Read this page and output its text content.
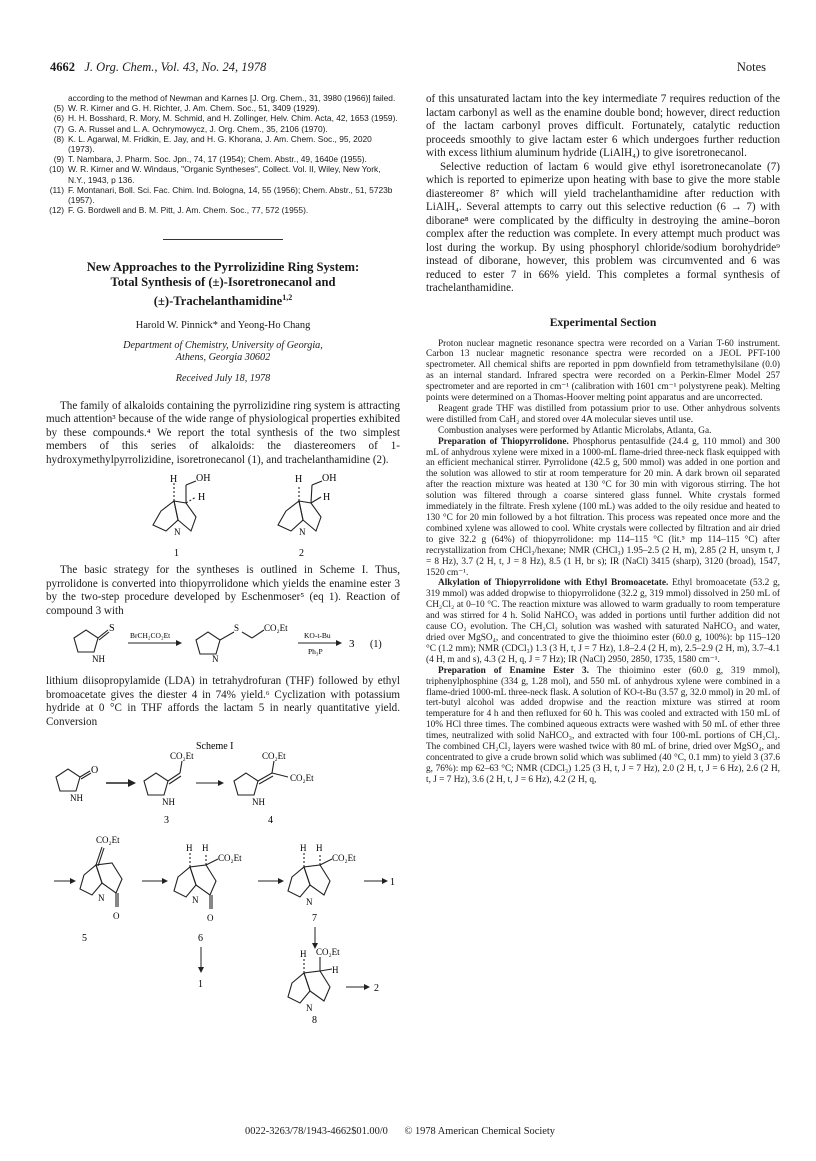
4662 J. Org. Chem., Vol. 43, No. 24, 1978	Notes
according to the method of Newman and Karnes [J. Org. Chem., 31, 3980 (1966)] failed.
(5) W. R. Kirner and G. H. Richter, J. Am. Chem. Soc., 51, 3409 (1929).
(6) H. H. Bosshard, R. Mory, M. Schmid, and H. Zollinger, Helv. Chim. Acta, 42, 1653 (1959).
(7) G. A. Russel and L. A. Ochrymowycz, J. Org. Chem., 35, 2106 (1970).
(8) K. L. Agarwal, M. Fridkin, E. Jay, and H. G. Khorana, J. Am. Chem. Soc., 95, 2020 (1973).
(9) T. Nambara, J. Pharm. Soc. Jpn., 74, 17 (1954); Chem. Abstr., 49, 1640e (1955).
(10) W. R. Kirner and W. Windaus, "Organic Syntheses", Collect. Vol. II, Wiley, New York, N.Y., 1943, p 136.
(11) F. Montanari, Boll. Sci. Fac. Chim. Ind. Bologna, 14, 55 (1956); Chem. Abstr., 51, 5723b (1957).
(12) F. G. Bordwell and B. M. Pitt, J. Am. Chem. Soc., 77, 572 (1955).
New Approaches to the Pyrrolizidine Ring System:
Total Synthesis of (±)-Isoretronecanol and
(±)-Trachelanthamidine$^{1,2}$
Harold W. Pinnick* and Yeong-Ho Chang
Department of Chemistry, University of Georgia,
Athens, Georgia 30602
Received July 18, 1978

The family of alkaloids containing the pyrrolizidine ring system is attracting much attention³ because of the wide range of physiological properties exhibited by these compounds.⁴ We report the total synthesis of the two simplest members of this series of alkaloids: the diastereomers of 1-hydroxymethylpyrrolizidine, isoretronecanol (1), and trachelanthamidine (2).

H OH
H
N
1
H OH
H
N
2

The basic strategy for the syntheses is outlined in Scheme I. Thus, pyrrolidone is converted into thiopyrrolidone which yields the enamine ester 3 by the two-step procedure developed by Eschenmoser⁵ (eq 1). Reaction of compound 3 with

S
NH
BrCH₂CO₂Et
S	CO₂Et
N
KO-t-Bu
Ph₃P
3 (1)

lithium diisopropylamide (LDA) in tetrahydrofuran (THF) followed by ethyl bromoacetate gives the diester 4 in 74% yield.⁶ Cyclization with potassium hydride at 0 °C in THF affords the lactam 5 in nearly quantitative yield. Conversion

Scheme I
O
NH
CO₂Et
NH
3
CO₂Et
CO₂Et
NH
4
CO₂Et
N
O
5
H H
CO₂Et
N
O
6
1
H H
CO₂Et
N
1
7
H CO₂Et
H
N
2
8

of this unsaturated lactam into the key intermediate 7 requires reduction of the lactam carbonyl as well as the enamine double bond; however, direct reduction of the lactam carbonyl proves difficult. Fortunately, catalytic reduction proceeds smoothly to give lactam ester 6 which undergoes further reduction with excess lithium aluminum hydride (LiAlH₄) to give isoretronecanol.

Selective reduction of lactam 6 would give ethyl isoretronecanolate (7) which is reported to epimerize upon heating with base to give the more stable diastereomer 8⁷ which will yield trachelanthamidine after reduction with LiAlH₄. Several attempts to carry out this selective reduction (6 → 7) with diborane⁸ were complicated by the difficulty in destroying the amine–boron complex after the reduction was complete. In every attempt much product was lost during the workup. By using phosphoryl chloride/sodium borohydride⁹ instead of diborane, however, this problem was circumvented and 6 was reduced to ester 7 in 66% yield. This completes a formal synthesis of trachelanthamidine.

Experimental Section

Proton nuclear magnetic resonance spectra were recorded on a Varian T-60 instrument. Carbon 13 nuclear magnetic resonance spectra were recorded on a JEOL PFT-100 spectrometer. All chemical shifts are reported in ppm downfield from tetramethylsilane (0.0) as an internal standard. Infrared spectra were recorded on a Perkin-Elmer Model 257 spectrometer and are reported in cm⁻¹ (calibration with 1601 cm⁻¹ polystyrene peak). Melting points were determined on a Thomas-Hoover melting point apparatus and are uncorrected.

Reagent grade THF was distilled from potassium prior to use. Other anhydrous solvents were distilled from CaH₂ and stored over 4A molecular sieves until use.

Combustion analyses were performed by Atlantic Microlabs, Atlanta, Ga.

Preparation of Thiopyrrolidone. Phosphorus pentasulfide (24.4 g, 110 mmol) and 300 mL of anhydrous xylene were mixed in a 1000-mL flame-dried three-neck flask equipped with an efficient mechanical stirrer. Pyrrolidone (42.5 g, 500 mmol) was added in one portion and the solution was allowed to stir at room temperature for 20 min. A dark brown oil separated after the reaction mixture was heated at 130 °C for 30 min with vigorous stirring. The hot solution was filtered through a coarse sintered glass funnel. White crystals formed immediately in the filtrate. Fresh xylene (100 mL) was added to the oily residue and heated to 130 °C for 20 min followed by a hot filtration. This process was repeated once more and the combined xylene was allowed to cool. White crystals were collected by filtration and air dried to give 32.2 g (64%) of thiopyrrolidone: mp 114–115 °C (lit.⁵ mp 114–115 °C) after recrystallization from CHCl₃/hexane; NMR (CHCl₃) 1.95–2.5 (2 H, m), 2.85 (2 H, unsym t, J = 8 Hz), 3.7 (2 H, t, J = 8 Hz), 8.5 (1 H, br s); IR (NaCl) 3415 (sharp), 3120 (broad), 1547, 1520 cm⁻¹.

Alkylation of Thiopyrrolidone with Ethyl Bromoacetate. Ethyl bromoacetate (53.2 g, 319 mmol) was added dropwise to thiopyrrolidone (32.2 g, 319 mmol) dissolved in 250 mL of CH₂Cl₂ at 0–10 °C. The reaction mixture was allowed to warm gradually to room temperature and was stirred for 4 h. Solid NaHCO₃ was added in portions until further addition did not cause CO₂ evolution. The CH₂Cl₂ solution was washed with saturated NaHCO₃ and water, dried over MgSO₄, and concentrated to give the thioimino ester (60.0 g, 100%): bp 115–120 °C (1.2 mm); NMR (CDCl₃) 1.3 (3 H, t, J = 7 Hz), 1.8–2.4 (2 H, m), 2.5–2.9 (2 H, m), 3.7–4.1 (4 H, m and s), 4.3 (2 H, q, J = 7 Hz); IR (NaCl) 2950, 2850, 1735, 1580 cm⁻¹.

Preparation of Enamine Ester 3. The thioimino ester (60.0 g, 319 mmol), triphenylphosphine (334 g, 1.28 mol), and 550 mL of anhydrous xylene were combined in a flame-dried 1000-mL three-neck flask. A solution of KO-t-Bu (3.57 g, 32.0 mmol) in 20 mL of tert-butyl alcohol was added dropwise and the reaction mixture was stirred at room temperature for 4 h and then refluxed for 60 h. This was cooled and extracted with 150 mL of 10% HCl three times. The combined aqueous extracts were washed with 50 mL of ether three times, neutralized with solid NaHCO₃, and extracted with four 100-mL portions of CH₂Cl₂. The combined CH₂Cl₂ layers were washed twice with 80 mL of brine, dried over MgSO₄, and concentrated to give a crude brown solid which was sublimed (40 °C, 0.1 mm) to yield 3 (37.6 g, 76%): mp 62–63 °C; NMR (CDCl₃) 1.25 (3 H, t, J = 7 Hz), 2.0 (2 H, t, J = 6 Hz), 2.6 (2 H, t, J = 7 Hz), 3.6 (2 H, t, J = 6 Hz), 4.2 (2 H, q,

0022-3263/78/1943-4662$01.00/0 © 1978 American Chemical Society
